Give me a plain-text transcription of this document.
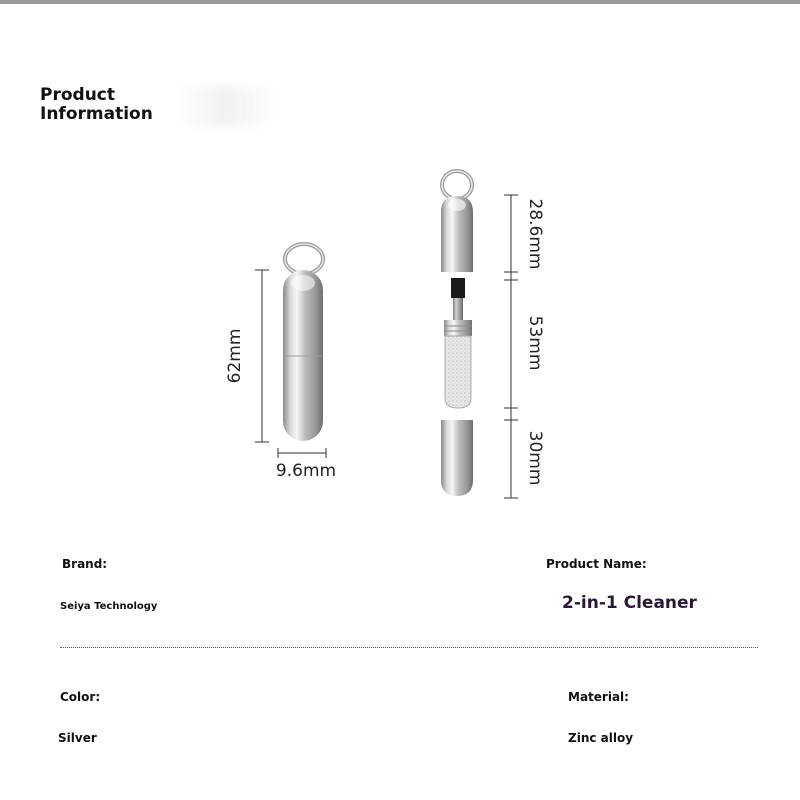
Product
Information
62mm
9.6mm
28.6mm
53mm
30mm
Brand:
Seiya Technology
Product Name:
2-in-1 Cleaner
Color:
Silver
Material:
Zinc alloy
